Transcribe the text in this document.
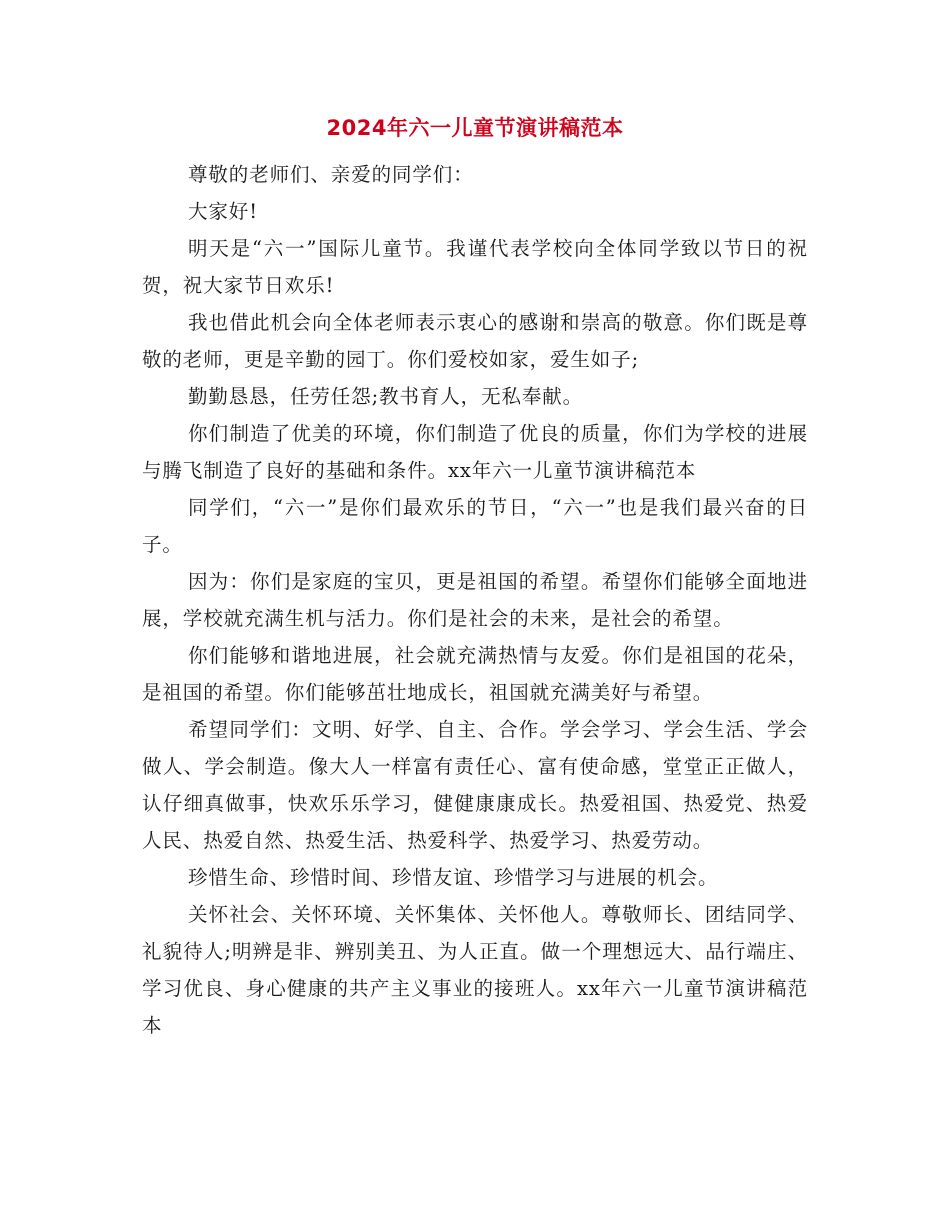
2024年六一儿童节演讲稿范本

尊敬的老师们、亲爱的同学们：

大家好!

明天是“六一”国际儿童节。我谨代表学校向全体同学致以节日的祝贺，祝大家节日欢乐!

我也借此机会向全体老师表示衷心的感谢和崇高的敬意。你们既是尊敬的老师，更是辛勤的园丁。你们爱校如家，爱生如子;

勤勤恳恳，任劳任怨;教书育人，无私奉献。

你们制造了优美的环境，你们制造了优良的质量，你们为学校的进展与腾飞制造了良好的基础和条件。xx年六一儿童节演讲稿范本

同学们，“六一”是你们最欢乐的节日，“六一”也是我们最兴奋的日子。

因为：你们是家庭的宝贝，更是祖国的希望。希望你们能够全面地进展，学校就充满生机与活力。你们是社会的未来，是社会的希望。

你们能够和谐地进展，社会就充满热情与友爱。你们是祖国的花朵，是祖国的希望。你们能够茁壮地成长，祖国就充满美好与希望。

希望同学们：文明、好学、自主、合作。学会学习、学会生活、学会做人、学会制造。像大人一样富有责任心、富有使命感，堂堂正正做人，认仔细真做事，快欢乐乐学习，健健康康成长。热爱祖国、热爱党、热爱人民、热爱自然、热爱生活、热爱科学、热爱学习、热爱劳动。

珍惜生命、珍惜时间、珍惜友谊、珍惜学习与进展的机会。

关怀社会、关怀环境、关怀集体、关怀他人。尊敬师长、团结同学、礼貌待人;明辨是非、辨别美丑、为人正直。做一个理想远大、品行端庄、学习优良、身心健康的共产主义事业的接班人。xx年六一儿童节演讲稿范本
